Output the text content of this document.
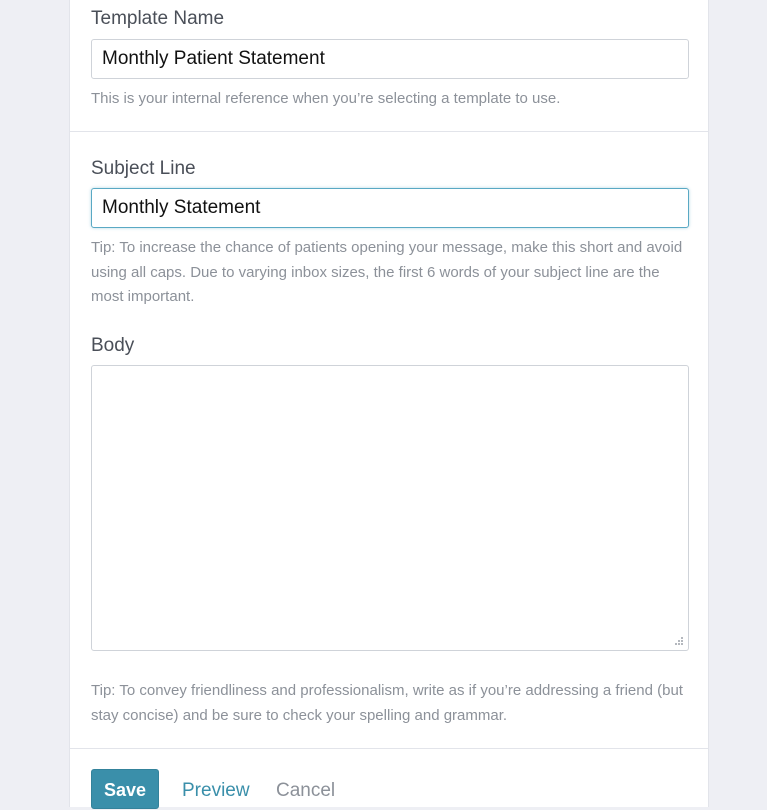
Template Name
Monthly Patient Statement

This is your internal reference when you’re selecting a template to use.

Subject Line
Monthly Statement

Tip: To increase the chance of patients opening your message, make this short and avoid using all caps. Due to varying inbox sizes, the first 6 words of your subject line are the most important.

Body

Tip: To convey friendliness and professionalism, write as if you’re addressing a friend (but stay concise) and be sure to check your spelling and grammar.

Save	Preview Cancel
